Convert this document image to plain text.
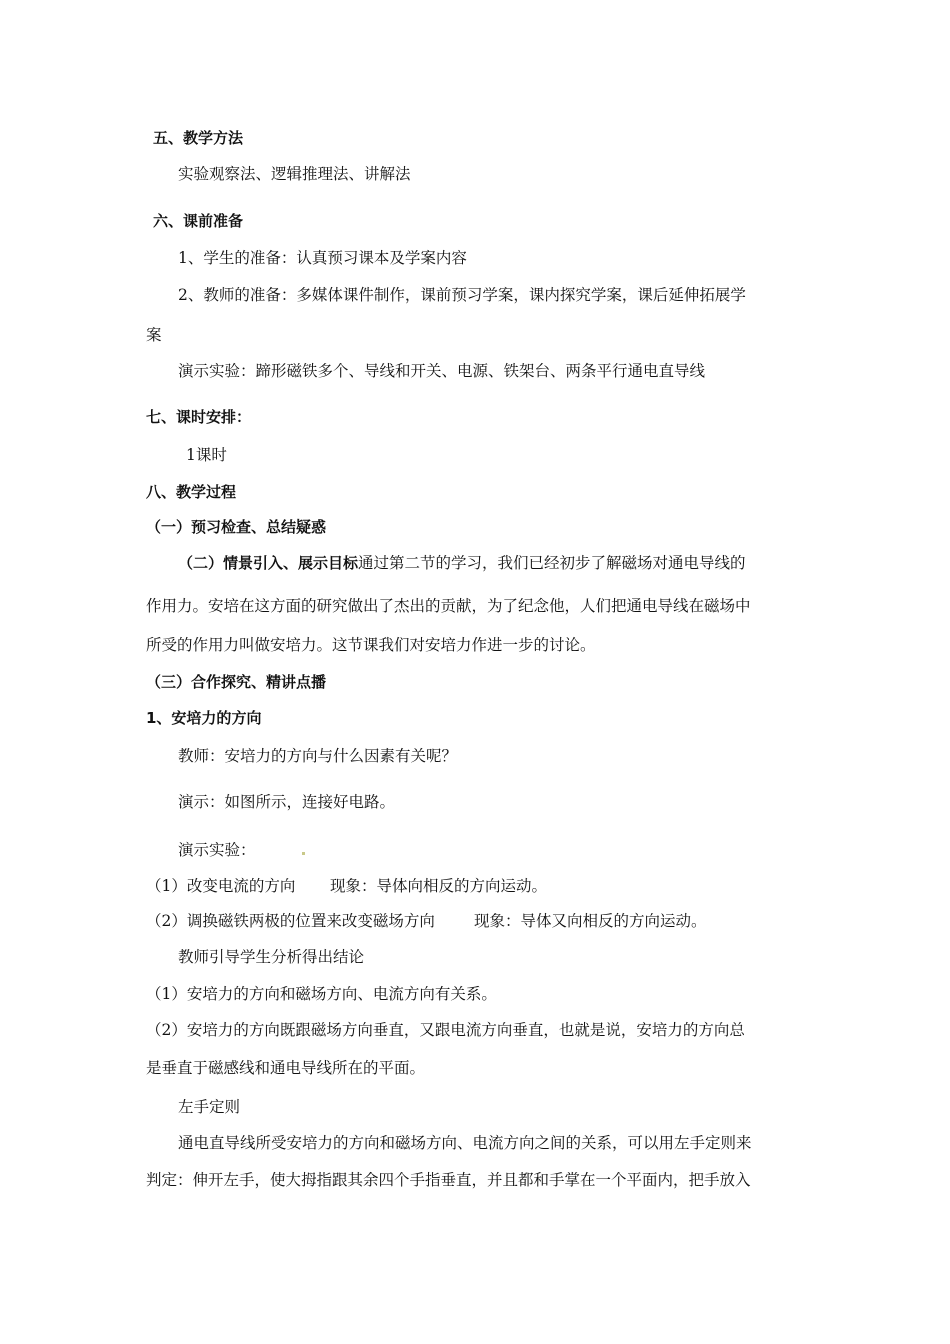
五、教学方法
实验观察法、逻辑推理法、讲解法
六、课前准备
1、学生的准备：认真预习课本及学案内容
2、教师的准备：多媒体课件制作，课前预习学案，课内探究学案，课后延伸拓展学
案
演示实验：蹄形磁铁多个、导线和开关、电源、铁架台、两条平行通电直导线
七、课时安排：
1课时
八、教学过程
（一）预习检查、总结疑惑
（二）情景引入、展示目标通过第二节的学习，我们已经初步了解磁场对通电导线的
作用力。安培在这方面的研究做出了杰出的贡献，为了纪念他，人们把通电导线在磁场中
所受的作用力叫做安培力。这节课我们对安培力作进一步的讨论。
（三）合作探究、精讲点播
1、安培力的方向
教师：安培力的方向与什么因素有关呢？
演示：如图所示，连接好电路。
演示实验：
（1）改变电流的方向 现象：导体向相反的方向运动。
（2）调换磁铁两极的位置来改变磁场方向	现象：导体又向相反的方向运动。
教师引导学生分析得出结论
（1）安培力的方向和磁场方向、电流方向有关系。
（2）安培力的方向既跟磁场方向垂直，又跟电流方向垂直，也就是说，安培力的方向总
是垂直于磁感线和通电导线所在的平面。
左手定则
通电直导线所受安培力的方向和磁场方向、电流方向之间的关系，可以用左手定则来
判定：伸开左手，使大拇指跟其余四个手指垂直，并且都和手掌在一个平面内，把手放入
